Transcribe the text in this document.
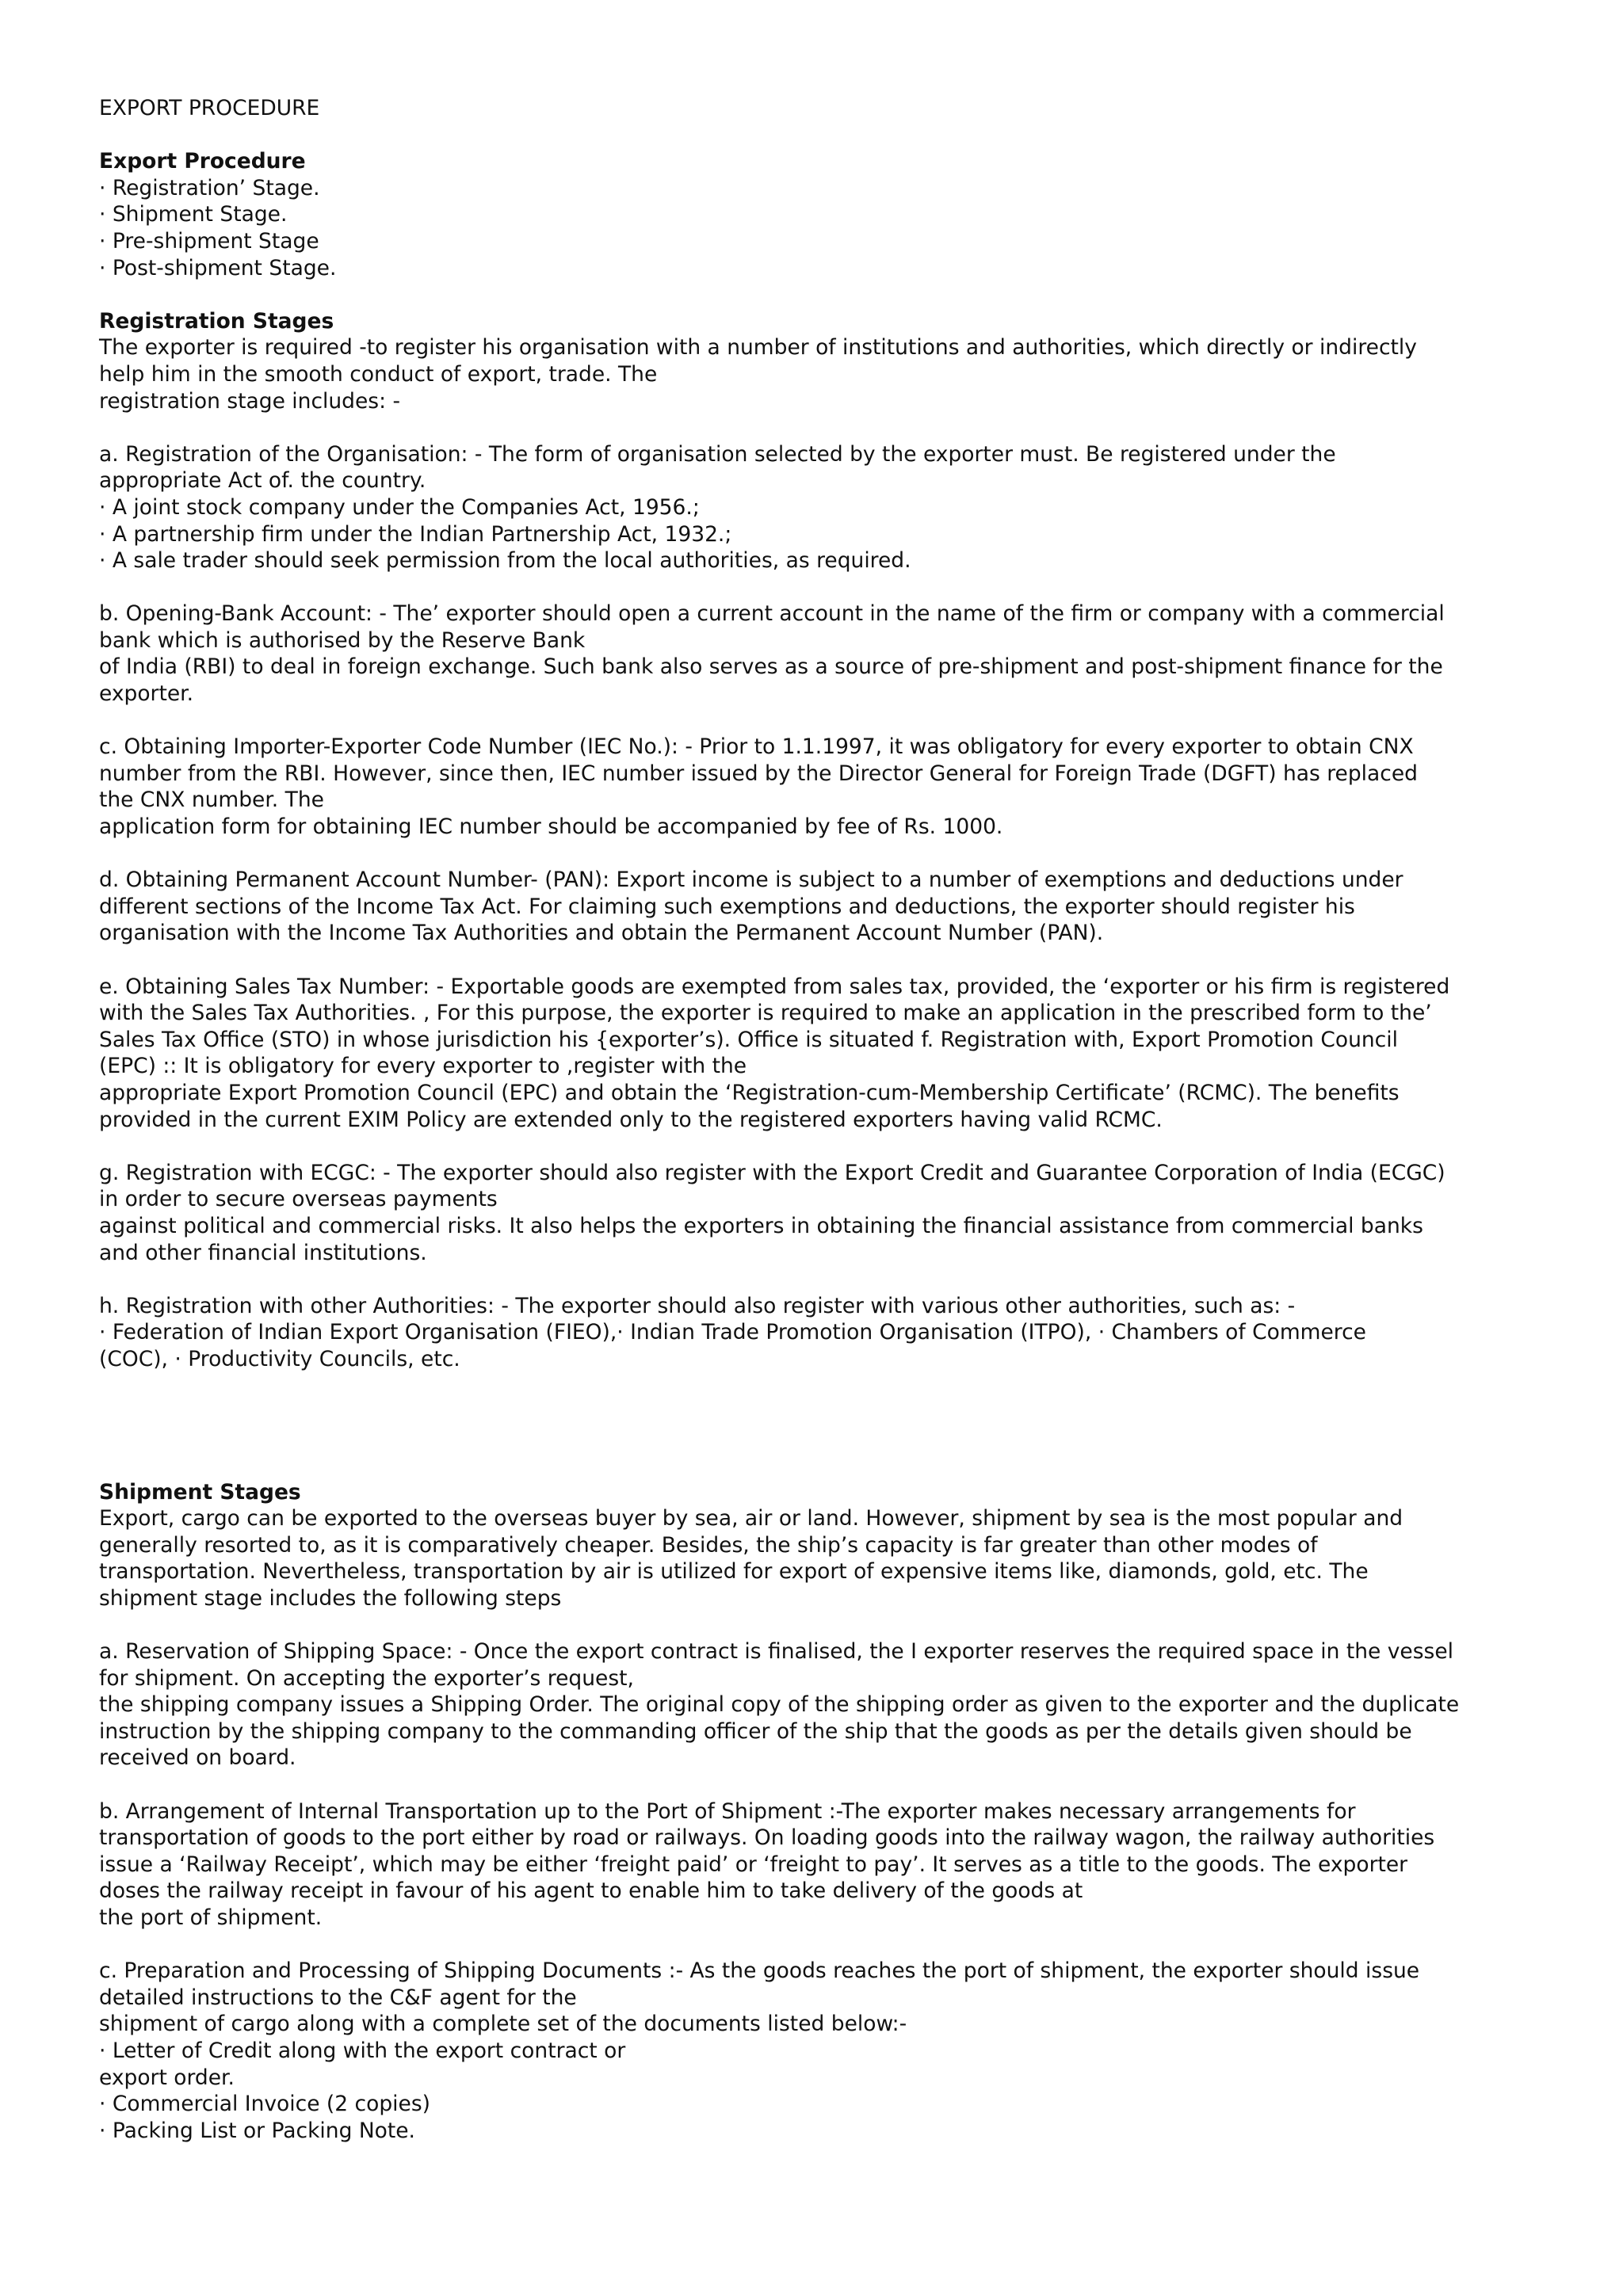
EXPORT PROCEDURE
Export Procedure
· Registration’ Stage.
· Shipment Stage.
· Pre-shipment Stage
· Post-shipment Stage.
Registration Stages
The exporter is required -to register his organisation with a number of institutions and authorities, which directly or indirectly
help him in the smooth conduct of export, trade. The
registration stage includes: -
a. Registration of the Organisation: - The form of organisation selected by the exporter must. Be registered under the
appropriate Act of. the country.
· A joint stock company under the Companies Act, 1956.;
· A partnership firm under the Indian Partnership Act, 1932.;
· A sale trader should seek permission from the local authorities, as required.
b. Opening-Bank Account: - The’ exporter should open a current account in the name of the firm or company with a commercial
bank which is authorised by the Reserve Bank
of India (RBI) to deal in foreign exchange. Such bank also serves as a source of pre-shipment and post-shipment finance for the
exporter.
c. Obtaining Importer-Exporter Code Number (IEC No.): - Prior to 1.1.1997, it was obligatory for every exporter to obtain CNX
number from the RBI. However, since then, IEC number issued by the Director General for Foreign Trade (DGFT) has replaced
the CNX number. The
application form for obtaining IEC number should be accompanied by fee of Rs. 1000.
d. Obtaining Permanent Account Number- (PAN): Export income is subject to a number of exemptions and deductions under
different sections of the Income Tax Act. For claiming such exemptions and deductions, the exporter should register his
organisation with the Income Tax Authorities and obtain the Permanent Account Number (PAN).
e. Obtaining Sales Tax Number: - Exportable goods are exempted from sales tax, provided, the ‘exporter or his firm is registered
with the Sales Tax Authorities. , For this purpose, the exporter is required to make an application in the prescribed form to the’
Sales Tax Office (STO) in whose jurisdiction his {exporter’s). Office is situated f. Registration with, Export Promotion Council
(EPC) :: It is obligatory for every exporter to ,register with the
appropriate Export Promotion Council (EPC) and obtain the ‘Registration-cum-Membership Certificate’ (RCMC). The benefits
provided in the current EXIM Policy are extended only to the registered exporters having valid RCMC.
g. Registration with ECGC: - The exporter should also register with the Export Credit and Guarantee Corporation of India (ECGC)
in order to secure overseas payments
against political and commercial risks. It also helps the exporters in obtaining the financial assistance from commercial banks
and other financial institutions.
h. Registration with other Authorities: - The exporter should also register with various other authorities, such as: -
· Federation of Indian Export Organisation (FIEO),· Indian Trade Promotion Organisation (ITPO), · Chambers of Commerce
(COC), · Productivity Councils, etc.
Shipment Stages
Export, cargo can be exported to the overseas buyer by sea, air or land. However, shipment by sea is the most popular and
generally resorted to, as it is comparatively cheaper. Besides, the ship’s capacity is far greater than other modes of
transportation. Nevertheless, transportation by air is utilized for export of expensive items like, diamonds, gold, etc. The
shipment stage includes the following steps
a. Reservation of Shipping Space: - Once the export contract is finalised, the I exporter reserves the required space in the vessel
for shipment. On accepting the exporter’s request,
the shipping company issues a Shipping Order. The original copy of the shipping order as given to the exporter and the duplicate
instruction by the shipping company to the commanding officer of the ship that the goods as per the details given should be
received on board.
b. Arrangement of Internal Transportation up to the Port of Shipment :-The exporter makes necessary arrangements for
transportation of goods to the port either by road or railways. On loading goods into the railway wagon, the railway authorities
issue a ‘Railway Receipt’, which may be either ‘freight paid’ or ‘freight to pay’. It serves as a title to the goods. The exporter
doses the railway receipt in favour of his agent to enable him to take delivery of the goods at
the port of shipment.
c. Preparation and Processing of Shipping Documents :- As the goods reaches the port of shipment, the exporter should issue
detailed instructions to the C&F agent for the
shipment of cargo along with a complete set of the documents listed below:-
· Letter of Credit along with the export contract or
export order.
· Commercial Invoice (2 copies)
· Packing List or Packing Note.
